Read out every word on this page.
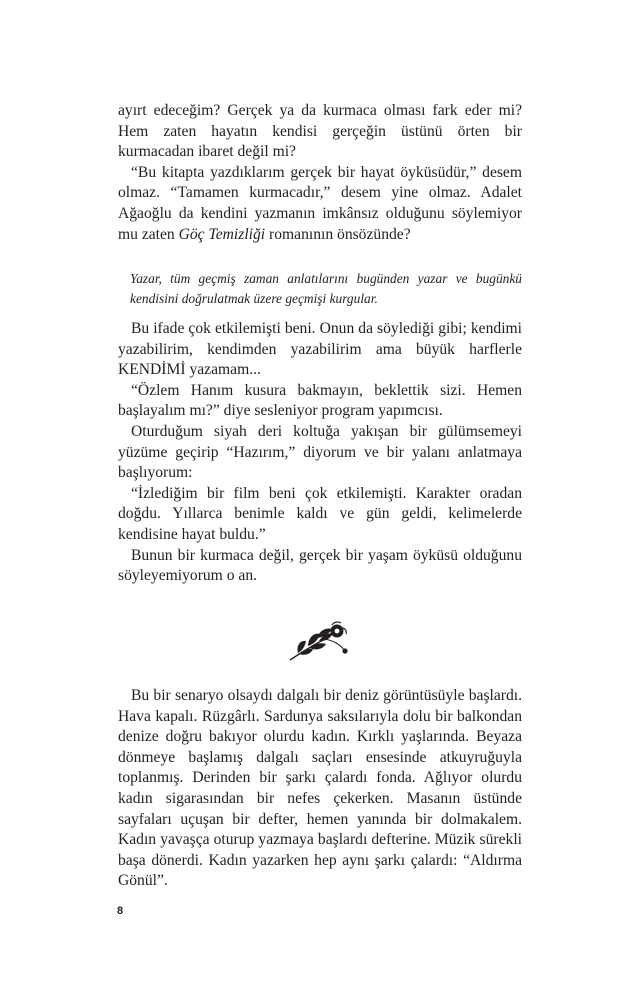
ayırt edeceğim? Gerçek ya da kurmaca olması fark eder mi? Hem zaten hayatın kendisi gerçeğin üstünü örten bir kurmacadan ibaret değil mi?

“Bu kitapta yazdıklarım gerçek bir hayat öyküsüdür,” desem olmaz. “Tamamen kurmacadır,” desem yine olmaz. Adalet Ağaoğlu da kendini yazmanın imkânsız olduğunu söylemiyor mu zaten Göç Temizliği romanının önsözünde?

Yazar, tüm geçmiş zaman anlatılarını bugünden yazar ve bugünkü kendisini doğrulatmak üzere geçmişi kurgular.

Bu ifade çok etkilemişti beni. Onun da söylediği gibi; kendimi yazabilirim, kendimden yazabilirim ama büyük harflerle KENDİMİ yazamam...

“Özlem Hanım kusura bakmayın, beklettik sizi. Hemen başlayalım mı?” diye sesleniyor program yapımcısı.

Oturduğum siyah deri koltuğa yakışan bir gülümsemeyi yüzüme geçirip “Hazırım,” diyorum ve bir yalanı anlatmaya başlıyorum:

“İzlediğim bir film beni çok etkilemişti. Karakter oradan doğdu. Yıllarca benimle kaldı ve gün geldi, kelimelerde kendisine hayat buldu.”

Bunun bir kurmaca değil, gerçek bir yaşam öyküsü olduğunu söyleyemiyorum o an.

Bu bir senaryo olsaydı dalgalı bir deniz görüntüsüyle başlardı. Hava kapalı. Rüzgârlı. Sardunya saksılarıyla dolu bir balkondan denize doğru bakıyor olurdu kadın. Kırklı yaşlarında. Beyaza dönmeye başlamış dalgalı saçları ensesinde atkuyruğuyla toplanmış. Derinden bir şarkı çalardı fonda. Ağlıyor olurdu kadın sigarasından bir nefes çekerken. Masanın üstünde sayfaları uçuşan bir defter, hemen yanında bir dolmakalem. Kadın yavaşça oturup yazmaya başlardı defterine. Müzik sürekli başa dönerdi. Kadın yazarken hep aynı şarkı çalardı: “Aldırma Gönül”.

8
